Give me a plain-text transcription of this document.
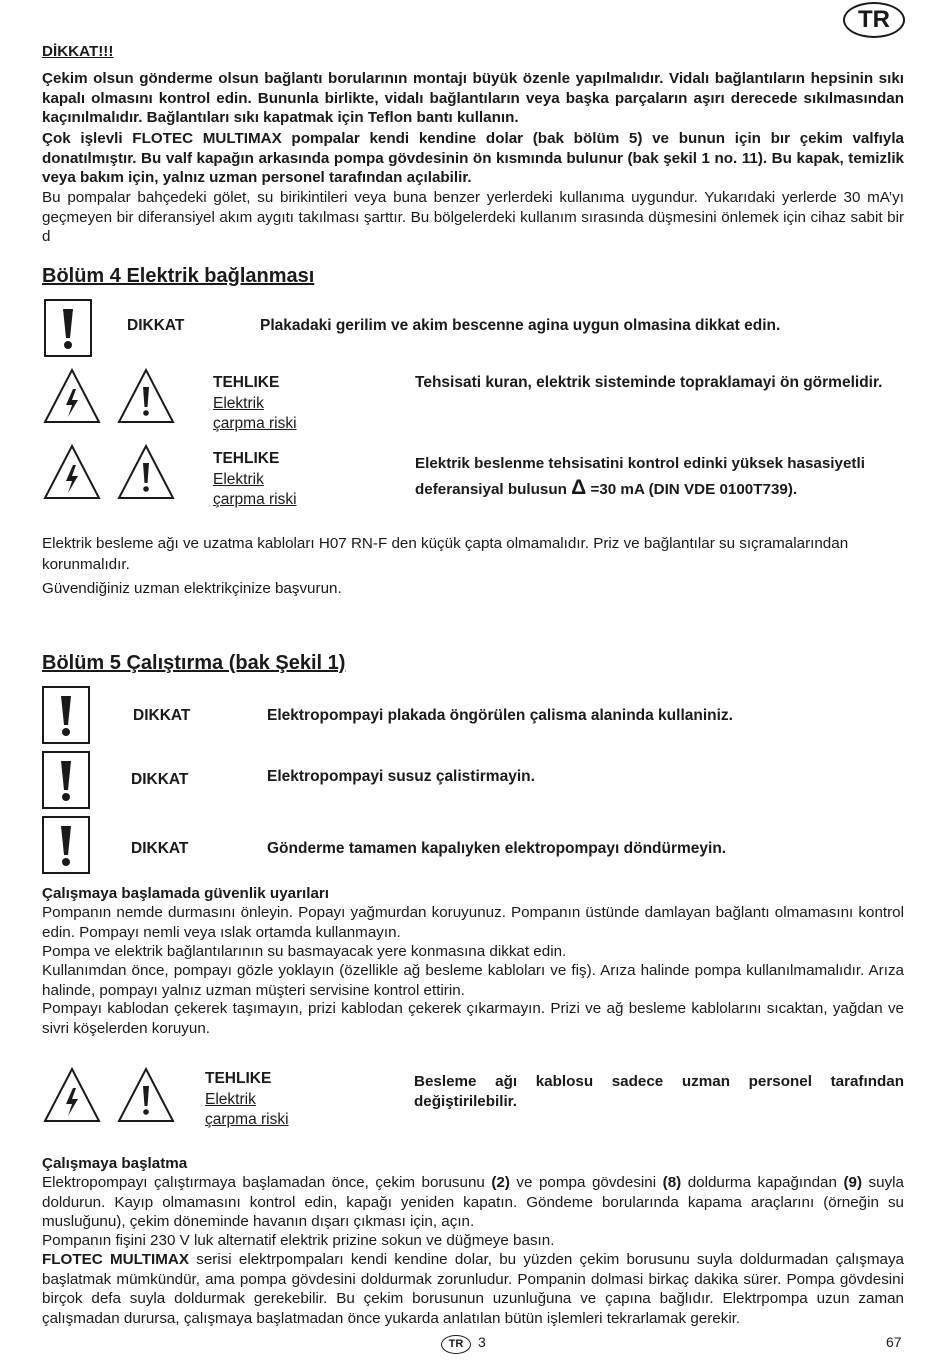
TR
DİKKAT!!!
Çekim olsun gönderme olsun bağlantı borularının montajı büyük özenle yapılmalıdır. Vidalı bağlantıların hepsinin sıkı kapalı olmasını kontrol edin. Bununla birlikte, vidalı bağlantıların veya başka parçaların aşırı derecede sıkılmasından kaçınılmalıdır. Bağlantıları sıkı kapatmak için Teflon bantı kullanın.
Çok işlevli FLOTEC MULTIMAX pompalar kendi kendine dolar (bak bölüm 5) ve bunun için bır çekim valfıyla donatılmıştır. Bu valf kapağın arkasında pompa gövdesinin ön kısmında bulunur (bak şekil 1 no. 11). Bu kapak, temizlik veya bakım için, yalnız uzman personel tarafından açılabilir.
Bu pompalar bahçedeki gölet, su birikintileri veya buna benzer yerlerdeki kullanıma uygundur. Yukarıdaki yerlerde 30 mA’yı geçmeyen bir diferansiyel akım aygıtı takılması şarttır. Bu bölgelerdeki kullanım sırasında düşmesini önlemek için cihaz sabit bir d
Bölüm 4 Elektrik bağlanması
DIKKAT	Plakadaki gerilim ve akim bescenne agina uygun olmasina dikkat edin.
TEHLIKE
Elektrik
çarpma riski
Tehsisati kuran, elektrik sisteminde topraklamayi ön görmelidir.
TEHLIKE
Elektrik
çarpma riski
Elektrik beslenme tehsisatini kontrol edinki yüksek hasasiyetli
deferansiyal bulusun Δ =30 mA (DIN VDE 0100T739).
Elektrik besleme ağı ve uzatma kabloları H07 RN-F den küçük çapta olmamalıdır. Priz ve bağlantılar su sıçramalarından korunmalıdır.
Güvendiğiniz uzman elektrikçinize başvurun.
Bölüm 5 Çalıştırma (bak Şekil 1)
DIKKAT	Elektropompayi plakada öngörülen çalisma alaninda kullaniniz.
DIKKAT	Elektropompayi susuz çalistirmayin.
DIKKAT	Gönderme tamamen kapalıyken elektropompayı döndürmeyin.
Çalışmaya başlamada güvenlik uyarıları
Pompanın nemde durmasını önleyin. Popayı yağmurdan koruyunuz. Pompanın üstünde damlayan bağlantı olmamasını kontrol edin. Pompayı nemli veya ıslak ortamda kullanmayın.
Pompa ve elektrik bağlantılarının su basmayacak yere konmasına dikkat edin.
Kullanımdan önce, pompayı gözle yoklayın (özellikle ağ besleme kabloları ve fiş). Arıza halinde pompa kullanılmamalıdır. Arıza halinde, pompayı yalnız uzman müşteri servisine kontrol ettirin.
Pompayı kablodan çekerek taşımayın, prizi kablodan çekerek çıkarmayın. Prizi ve ağ besleme kablolarını sıcaktan, yağdan ve sivri köşelerden koruyun.
TEHLIKE
Elektrik
çarpma riski
Besleme ağı kablosu sadece uzman personel tarafından değiştirilebilir.
Çalışmaya başlatma
Elektropompayı çalıştırmaya başlamadan önce, çekim borusunu (2) ve pompa gövdesini (8) doldurma kapağından (9) suyla doldurun. Kayıp olmamasını kontrol edin, kapağı yeniden kapatın. Göndeme borularında kapama araçlarını (örneğin su musluğunu), çekim döneminde havanın dışarı çıkması için, açın.
Pompanın fişini 230 V luk alternatif elektrik prizine sokun ve düğmeye basın.
FLOTEC MULTIMAX serisi elektrpompaları kendi kendine dolar, bu yüzden çekim borusunu suyla doldurmadan çalışmaya başlatmak mümkündür, ama pompa gövdesini doldurmak zorunludur. Pompanin dolmasi birkaç dakika sürer. Pompa gövdesini birçok defa suyla doldurmak gerekebilir. Bu çekim borusunun uzunluğuna ve çapına bağlıdır. Elektrpompa uzun zaman çalışmadan durursa, çalışmaya başlatmadan önce yukarda anlatılan bütün işlemleri tekrarlamak gerekir.
TR	3	67
